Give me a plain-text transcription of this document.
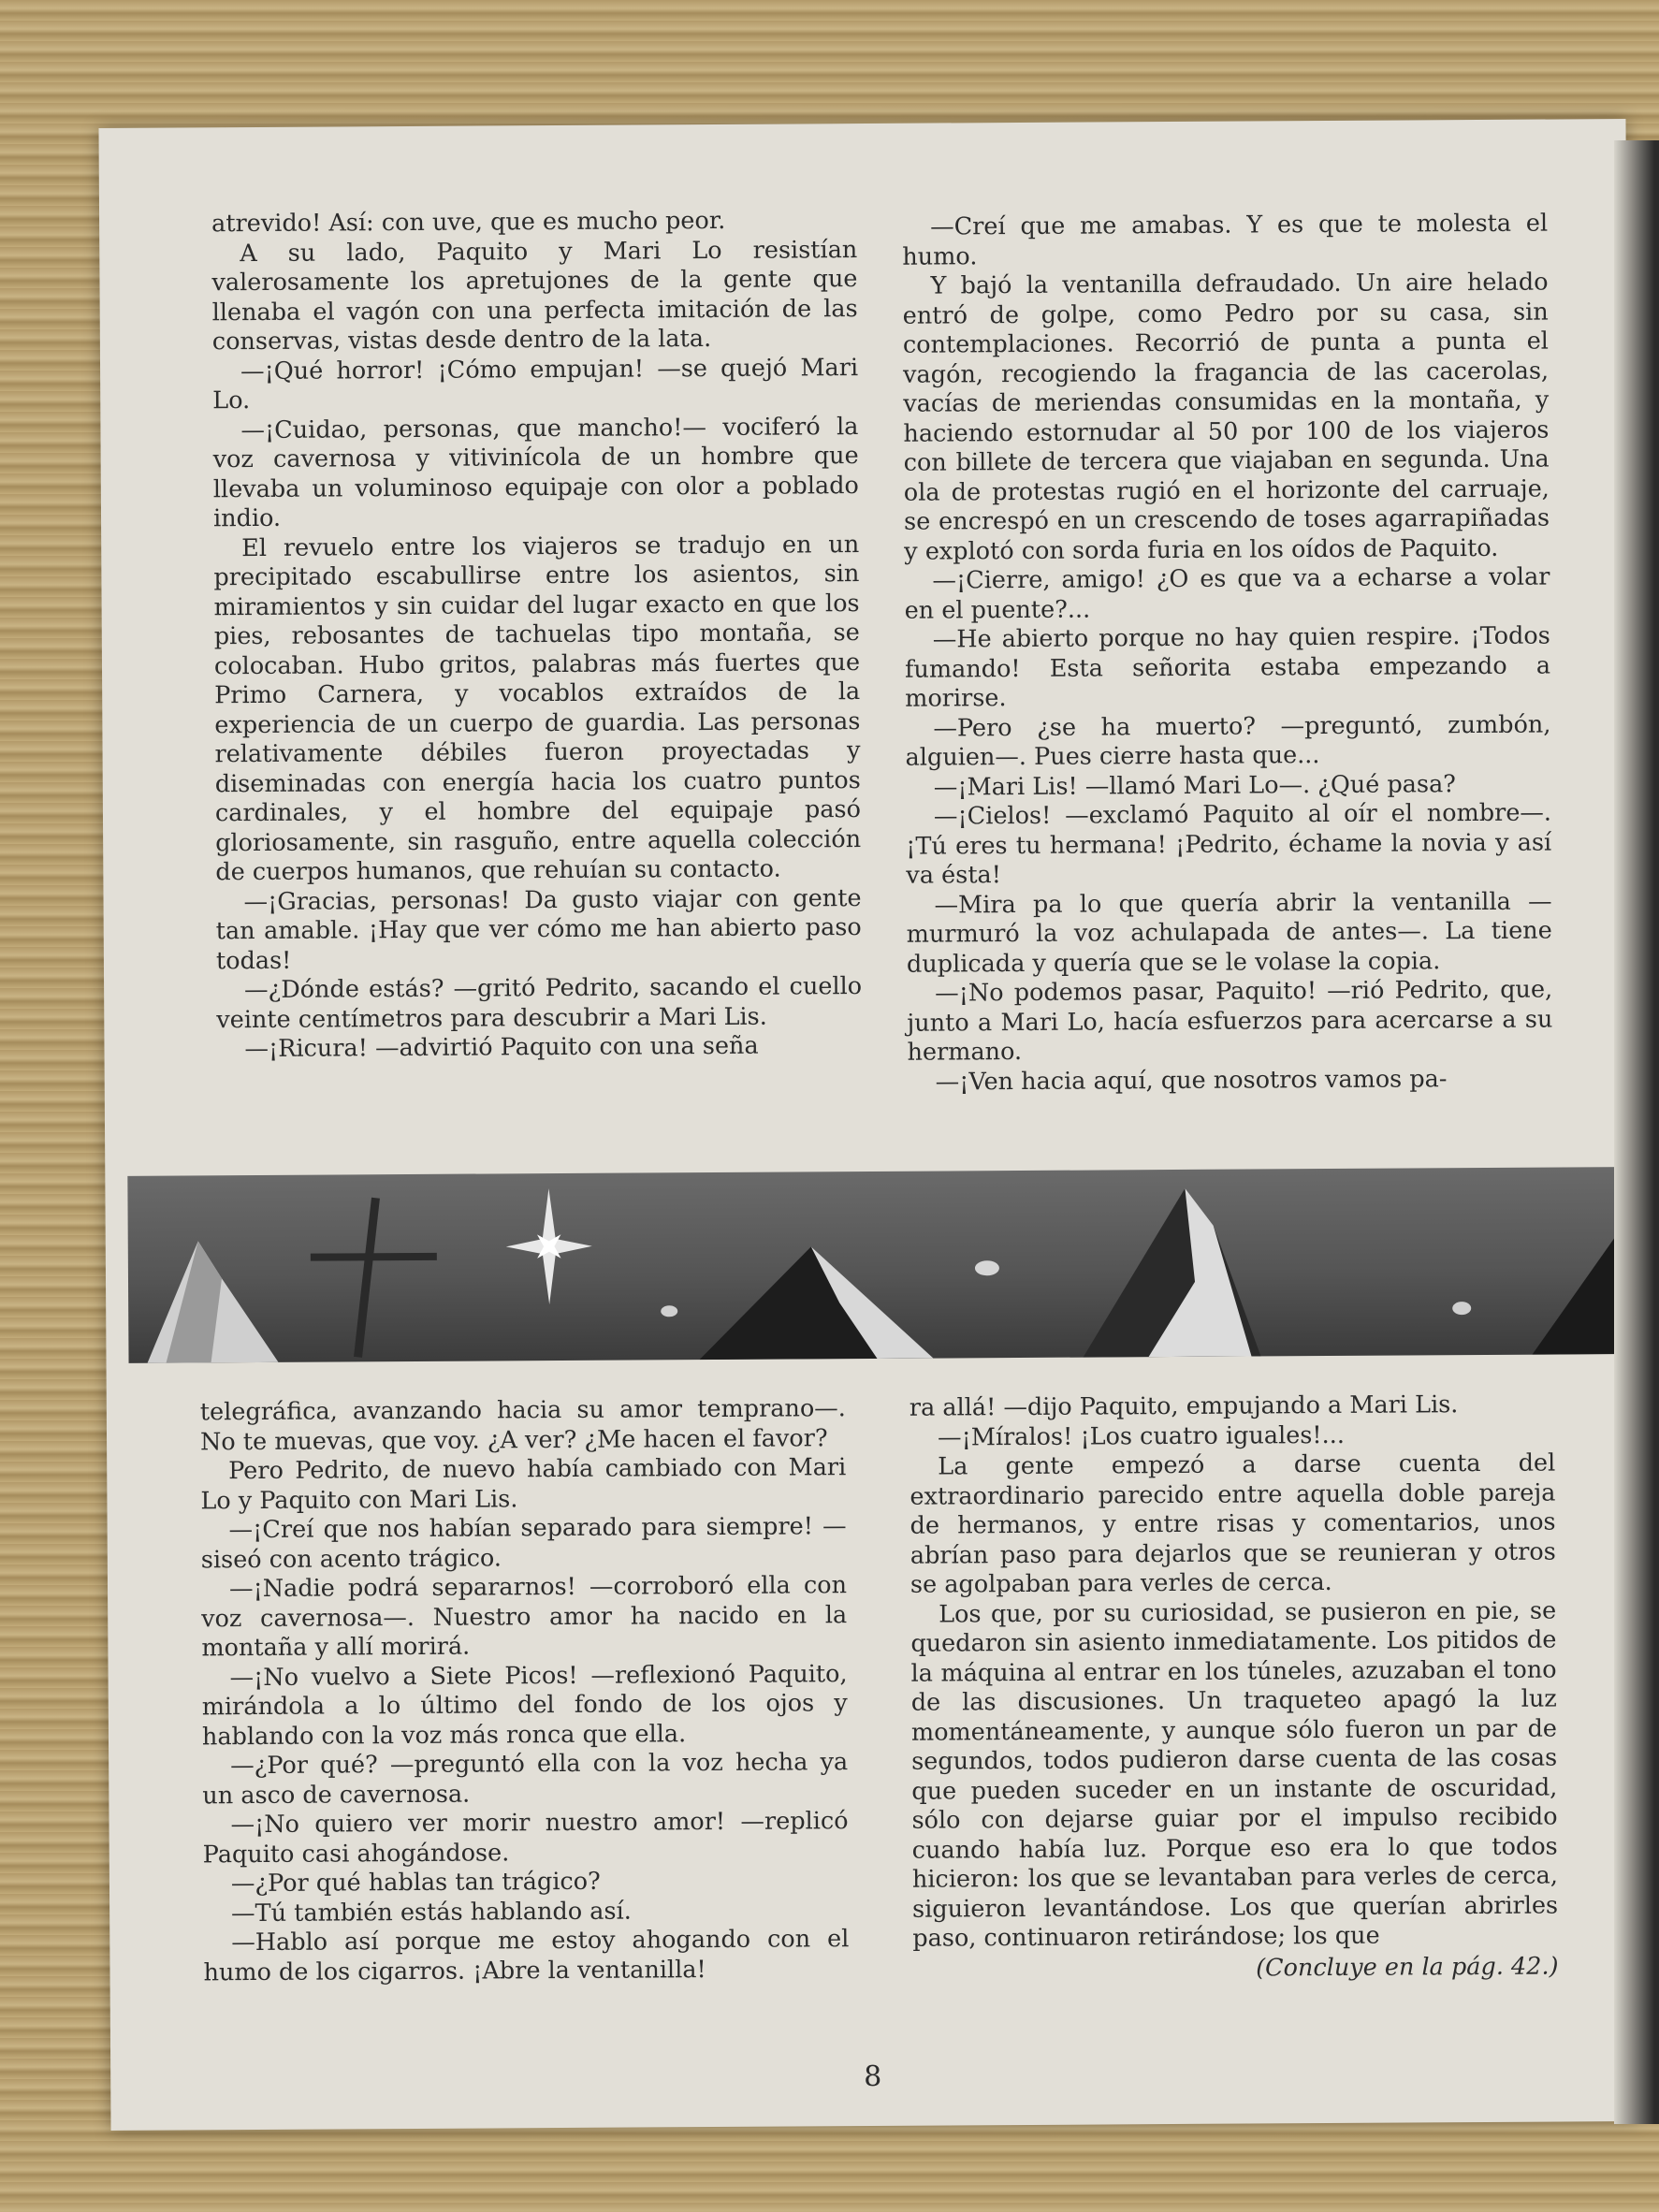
atrevido! Así: con uve, que es mucho peor.

A su lado, Paquito y Mari Lo resistían valerosamente los apretujones de la gente que llenaba el vagón con una perfecta imitación de las conservas, vistas desde dentro de la lata.

—¡Qué horror! ¡Cómo empujan! —se quejó Mari Lo.

—¡Cuidao, personas, que mancho!— vociferó la voz cavernosa y vitivinícola de un hombre que llevaba un voluminoso equipaje con olor a poblado indio.

El revuelo entre los viajeros se tradujo en un precipitado escabullirse entre los asientos, sin miramientos y sin cuidar del lugar exacto en que los pies, rebosantes de tachuelas tipo montaña, se colocaban. Hubo gritos, palabras más fuertes que Primo Carnera, y vocablos extraídos de la experiencia de un cuerpo de guardia. Las personas relativamente débiles fueron proyectadas y diseminadas con energía hacia los cuatro puntos cardinales, y el hombre del equipaje pasó gloriosamente, sin rasguño, entre aquella colección de cuerpos humanos, que rehuían su contacto.

—¡Gracias, personas! Da gusto viajar con gente tan amable. ¡Hay que ver cómo me han abierto paso todas!

—¿Dónde estás? —gritó Pedrito, sacando el cuello veinte centímetros para descubrir a Mari Lis.

—¡Ricura! —advirtió Paquito con una seña

—Creí que me amabas. Y es que te molesta el humo.

Y bajó la ventanilla defraudado. Un aire helado entró de golpe, como Pedro por su casa, sin contemplaciones. Recorrió de punta a punta el vagón, recogiendo la fragancia de las cacerolas, vacías de meriendas consumidas en la montaña, y haciendo estornudar al 50 por 100 de los viajeros con billete de tercera que viajaban en segunda. Una ola de protestas rugió en el horizonte del carruaje, se encrespó en un crescendo de toses agarrapiñadas y explotó con sorda furia en los oídos de Paquito.

—¡Cierre, amigo! ¿O es que va a echarse a volar en el puente?...

—He abierto porque no hay quien respire. ¡Todos fumando! Esta señorita estaba empezando a morirse.

—Pero ¿se ha muerto? —preguntó, zumbón, alguien—. Pues cierre hasta que...

—¡Mari Lis! —llamó Mari Lo—. ¿Qué pasa?

—¡Cielos! —exclamó Paquito al oír el nombre—. ¡Tú eres tu hermana! ¡Pedrito, échame la novia y así va ésta!

—Mira pa lo que quería abrir la ventanilla —murmuró la voz achulapada de antes—. La tiene duplicada y quería que se le volase la copia.

—¡No podemos pasar, Paquito! —rió Pedrito, que, junto a Mari Lo, hacía esfuerzos para acercarse a su hermano.

—¡Ven hacia aquí, que nosotros vamos pa-

telegráfica, avanzando hacia su amor temprano—. No te muevas, que voy. ¿A ver? ¿Me hacen el favor?

Pero Pedrito, de nuevo había cambiado con Mari Lo y Paquito con Mari Lis.

—¡Creí que nos habían separado para siempre! —siseó con acento trágico.

—¡Nadie podrá separarnos! —corroboró ella con voz cavernosa—. Nuestro amor ha nacido en la montaña y allí morirá.

—¡No vuelvo a Siete Picos! —reflexionó Paquito, mirándola a lo último del fondo de los ojos y hablando con la voz más ronca que ella.

—¿Por qué? —preguntó ella con la voz hecha ya un asco de cavernosa.

—¡No quiero ver morir nuestro amor! —replicó Paquito casi ahogándose.

—¿Por qué hablas tan trágico?

—Tú también estás hablando así.

—Hablo así porque me estoy ahogando con el humo de los cigarros. ¡Abre la ventanilla!

ra allá! —dijo Paquito, empujando a Mari Lis.

—¡Míralos! ¡Los cuatro iguales!...

La gente empezó a darse cuenta del extraordinario parecido entre aquella doble pareja de hermanos, y entre risas y comentarios, unos abrían paso para dejarlos que se reunieran y otros se agolpaban para verles de cerca.

Los que, por su curiosidad, se pusieron en pie, se quedaron sin asiento inmediatamente. Los pitidos de la máquina al entrar en los túneles, azuzaban el tono de las discusiones. Un traqueteo apagó la luz momentáneamente, y aunque sólo fueron un par de segundos, todos pudieron darse cuenta de las cosas que pueden suceder en un instante de oscuridad, sólo con dejarse guiar por el impulso recibido cuando había luz. Porque eso era lo que todos hicieron: los que se levantaban para verles de cerca, siguieron levantándose. Los que querían abrirles paso, continuaron retirándose; los que

(Concluye en la pág. 42.)

8
